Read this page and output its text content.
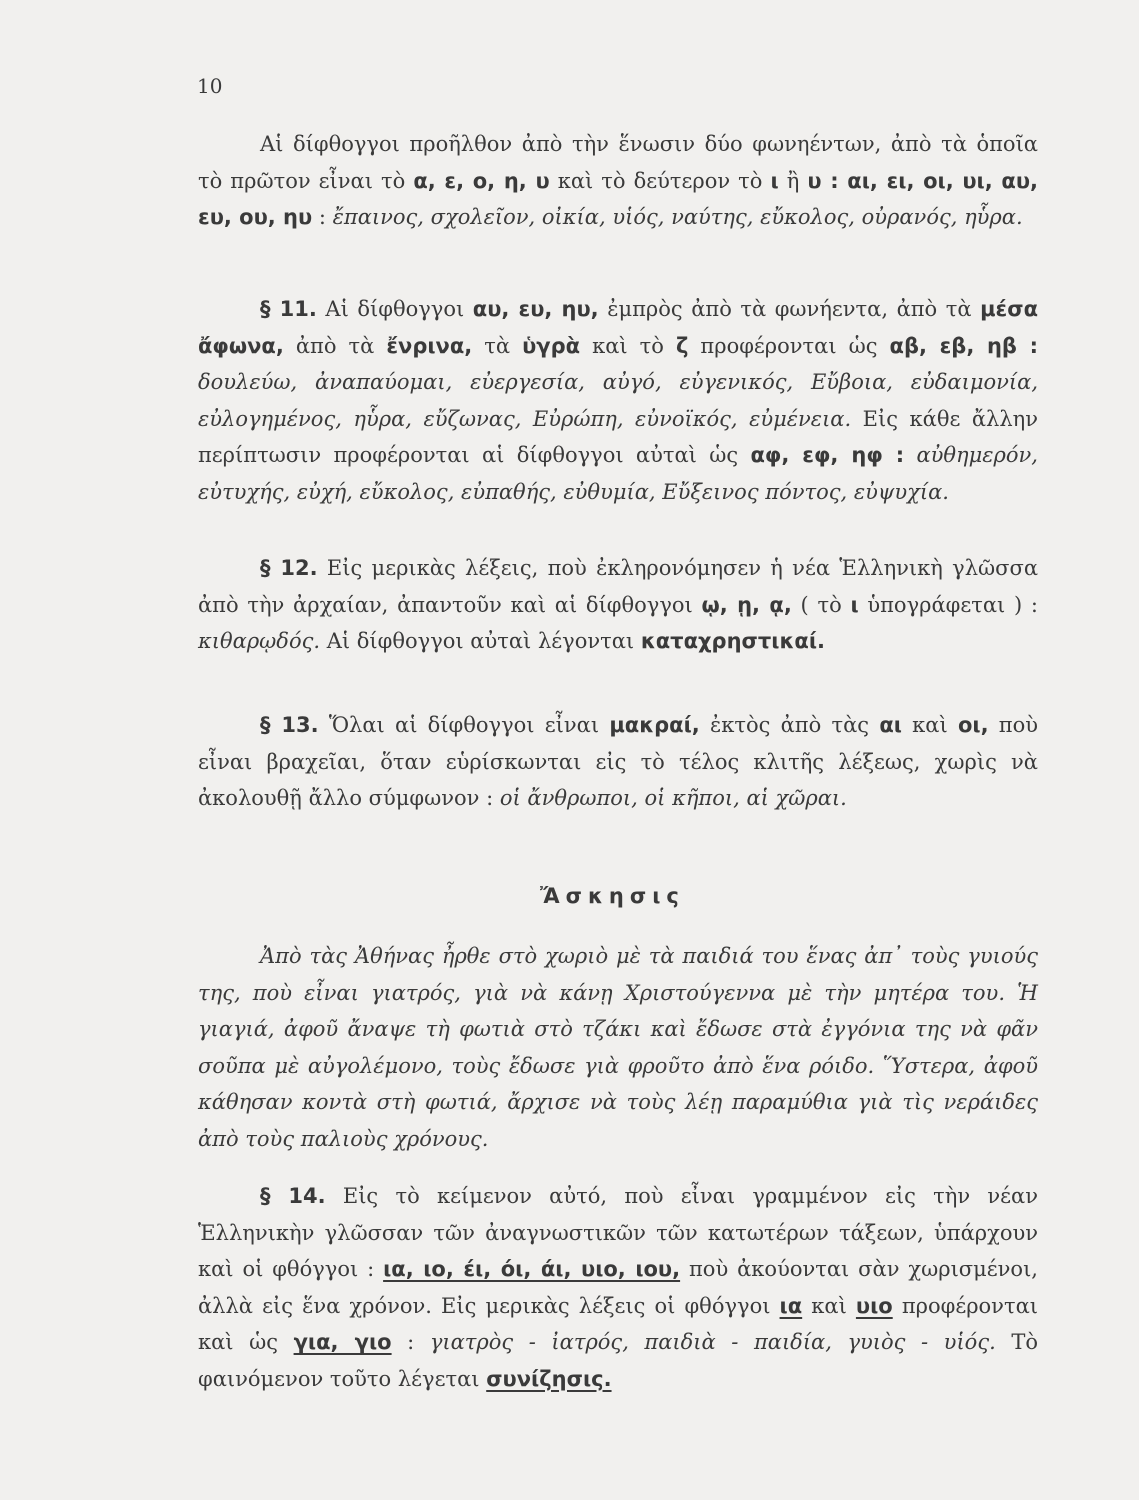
10
Αἱ δίφθογγοι προῆλθον ἀπὸ τὴν ἕνωσιν δύο φωνηέντων, ἀπὸ τὰ ὁποῖα τὸ πρῶτον εἶναι τὸ α, ε, ο, η, υ καὶ τὸ δεύτερον τὸ ι ἢ υ : αι, ει, οι, υι, αυ, ευ, ου, ηυ : ἔπαινος, σχολεῖον, οἰκία, υἱός, ναύτης, εὔκολος, οὐρανός, ηὗρα.
§ 11. Αἱ δίφθογγοι αυ, ευ, ηυ, ἐμπρὸς ἀπὸ τὰ φωνήεντα, ἀπὸ τὰ μέσα ἄφωνα, ἀπὸ τὰ ἔνρινα, τὰ ὑγρὰ καὶ τὸ ζ προφέρονται ὡς αβ, εβ, ηβ : δουλεύω, ἀναπαύομαι, εὐεργεσία, αὐγό, εὐγενικός, Εὔβοια, εὐδαιμονία, εὐλογημένος, ηὗρα, εὔζωνας, Εὐρώπη, εὐνοϊκός, εὐμένεια. Εἰς κάθε ἄλλην περίπτωσιν προφέρονται αἱ δίφθογγοι αὐταὶ ὡς αφ, εφ, ηφ : αὐθημερόν, εὐτυχής, εὐχή, εὔκολος, εὐπαθής, εὐθυμία, Εὔξεινος πόντος, εὐψυχία.
§ 12. Εἰς μερικὰς λέξεις, ποὺ ἐκληρονόμησεν ἡ νέα Ἑλληνικὴ γλῶσσα ἀπὸ τὴν ἀρχαίαν, ἀπαντοῦν καὶ αἱ δίφθογγοι ῳ, ῃ, ᾳ, ( τὸ ι ὑπογράφεται ) : κιθαρῳδός. Αἱ δίφθογγοι αὐταὶ λέγονται καταχρηστικαί.
§ 13. Ὅλαι αἱ δίφθογγοι εἶναι μακραί, ἐκτὸς ἀπὸ τὰς αι καὶ οι, ποὺ εἶναι βραχεῖαι, ὅταν εὑρίσκωνται εἰς τὸ τέλος κλιτῆς λέξεως, χωρὶς νὰ ἀκολουθῇ ἄλλο σύμφωνον : οἱ ἄνθρωποι, οἱ κῆποι, αἱ χῶραι.
Ἄσκησις
Ἀπὸ τὰς Ἀθήνας ἦρθε στὸ χωριὸ μὲ τὰ παιδιά του ἕνας ἀπ᾽ τοὺς γυιούς της, ποὺ εἶναι γιατρός, γιὰ νὰ κάνῃ Χριστούγεννα μὲ τὴν μητέρα του. Ἡ γιαγιά, ἀφοῦ ἄναψε τὴ φωτιὰ στὸ τζάκι καὶ ἔδωσε στὰ ἐγγόνια της νὰ φᾶν σοῦπα μὲ αὐγολέμονο, τοὺς ἔδωσε γιὰ φροῦτο ἀπὸ ἕνα ρόιδο. Ὕστερα, ἀφοῦ κάθησαν κοντὰ στὴ φωτιά, ἄρχισε νὰ τοὺς λέῃ παραμύθια γιὰ τὶς νεράιδες ἀπὸ τοὺς παλιοὺς χρόνους.
§ 14. Εἰς τὸ κείμενον αὐτό, ποὺ εἶναι γραμμένον εἰς τὴν νέαν Ἑλληνικὴν γλῶσσαν τῶν ἀναγνωστικῶν τῶν κατωτέρων τάξεων, ὑπάρχουν καὶ οἱ φθόγγοι : ια, ιο, έι, όι, άι, υιο, ιου, ποὺ ἀκούονται σὰν χωρισμένοι, ἀλλὰ εἰς ἕνα χρόνον. Εἰς μερικὰς λέξεις οἱ φθόγγοι ια καὶ υιο προφέρονται καὶ ὡς για, γιο : γιατρὸς - ἰατρός, παιδιὰ - παιδία, γυιὸς - υἱός. Τὸ φαινόμενον τοῦτο λέγεται συνίζησις.
